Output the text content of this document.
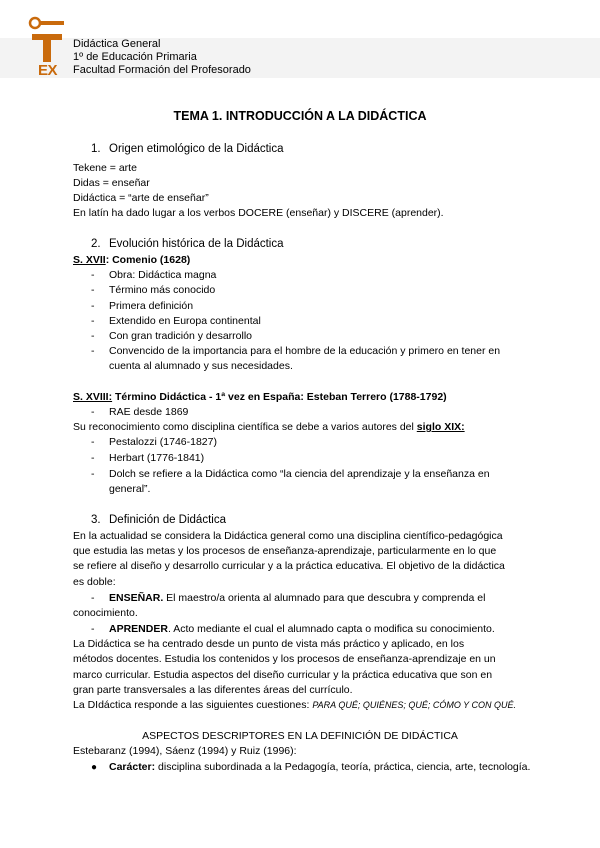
EX
Didáctica General
1º de Educación Primaria
Facultad Formación del Profesorado
TEMA 1. INTRODUCCIÓN A LA DIDÁCTICA
1. Origen etimológico de la Didáctica
Tekene = arte
Didas = enseñar
Didáctica = “arte de enseñar”
En latín ha dado lugar a los verbos DOCERE (enseñar) y DISCERE (aprender).
2. Evolución histórica de la Didáctica
S. XVII: Comenio (1628)
- Obra: Didáctica magna
- Término más conocido
- Primera definición
- Extendido en Europa continental
- Con gran tradición y desarrollo
- Convencido de la importancia para el hombre de la educación y primero en tener en
cuenta al alumnado y sus necesidades.
S. XVIII: Término Didáctica - 1ª vez en España: Esteban Terrero (1788-1792)
- RAE desde 1869
Su reconocimiento como disciplina científica se debe a varios autores del siglo XIX:
- Pestalozzi (1746-1827)
- Herbart (1776-1841)
- Dolch se refiere a la Didáctica como “la ciencia del aprendizaje y la enseñanza en
general”.
3. Definición de Didáctica
En la actualidad se considera la Didáctica general como una disciplina científico-pedagógica
que estudia las metas y los procesos de enseñanza-aprendizaje, particularmente en lo que
se refiere al diseño y desarrollo curricular y a la práctica educativa. El objetivo de la didáctica
es doble:
- ENSEÑAR. El maestro/a orienta al alumnado para que descubra y comprenda el
conocimiento.
- APRENDER. Acto mediante el cual el alumnado capta o modifica su conocimiento.
La Didáctica se ha centrado desde un punto de vista más práctico y aplicado, en los
métodos docentes. Estudia los contenidos y los procesos de enseñanza-aprendizaje en un
marco curricular. Estudia aspectos del diseño curricular y la práctica educativa que son en
gran parte transversales a las diferentes áreas del currículo.
La DIdáctica responde a las siguientes cuestiones: PARA QUÉ; QUIÉNES; QUÉ; CÓMO Y CON QUÉ.
ASPECTOS DESCRIPTORES EN LA DEFINICIÓN DE DIDÁCTICA
Estebaranz (1994), Sáenz (1994) y Ruiz (1996):
● Carácter: disciplina subordinada a la Pedagogía, teoría, práctica, ciencia, arte, tecnología.
